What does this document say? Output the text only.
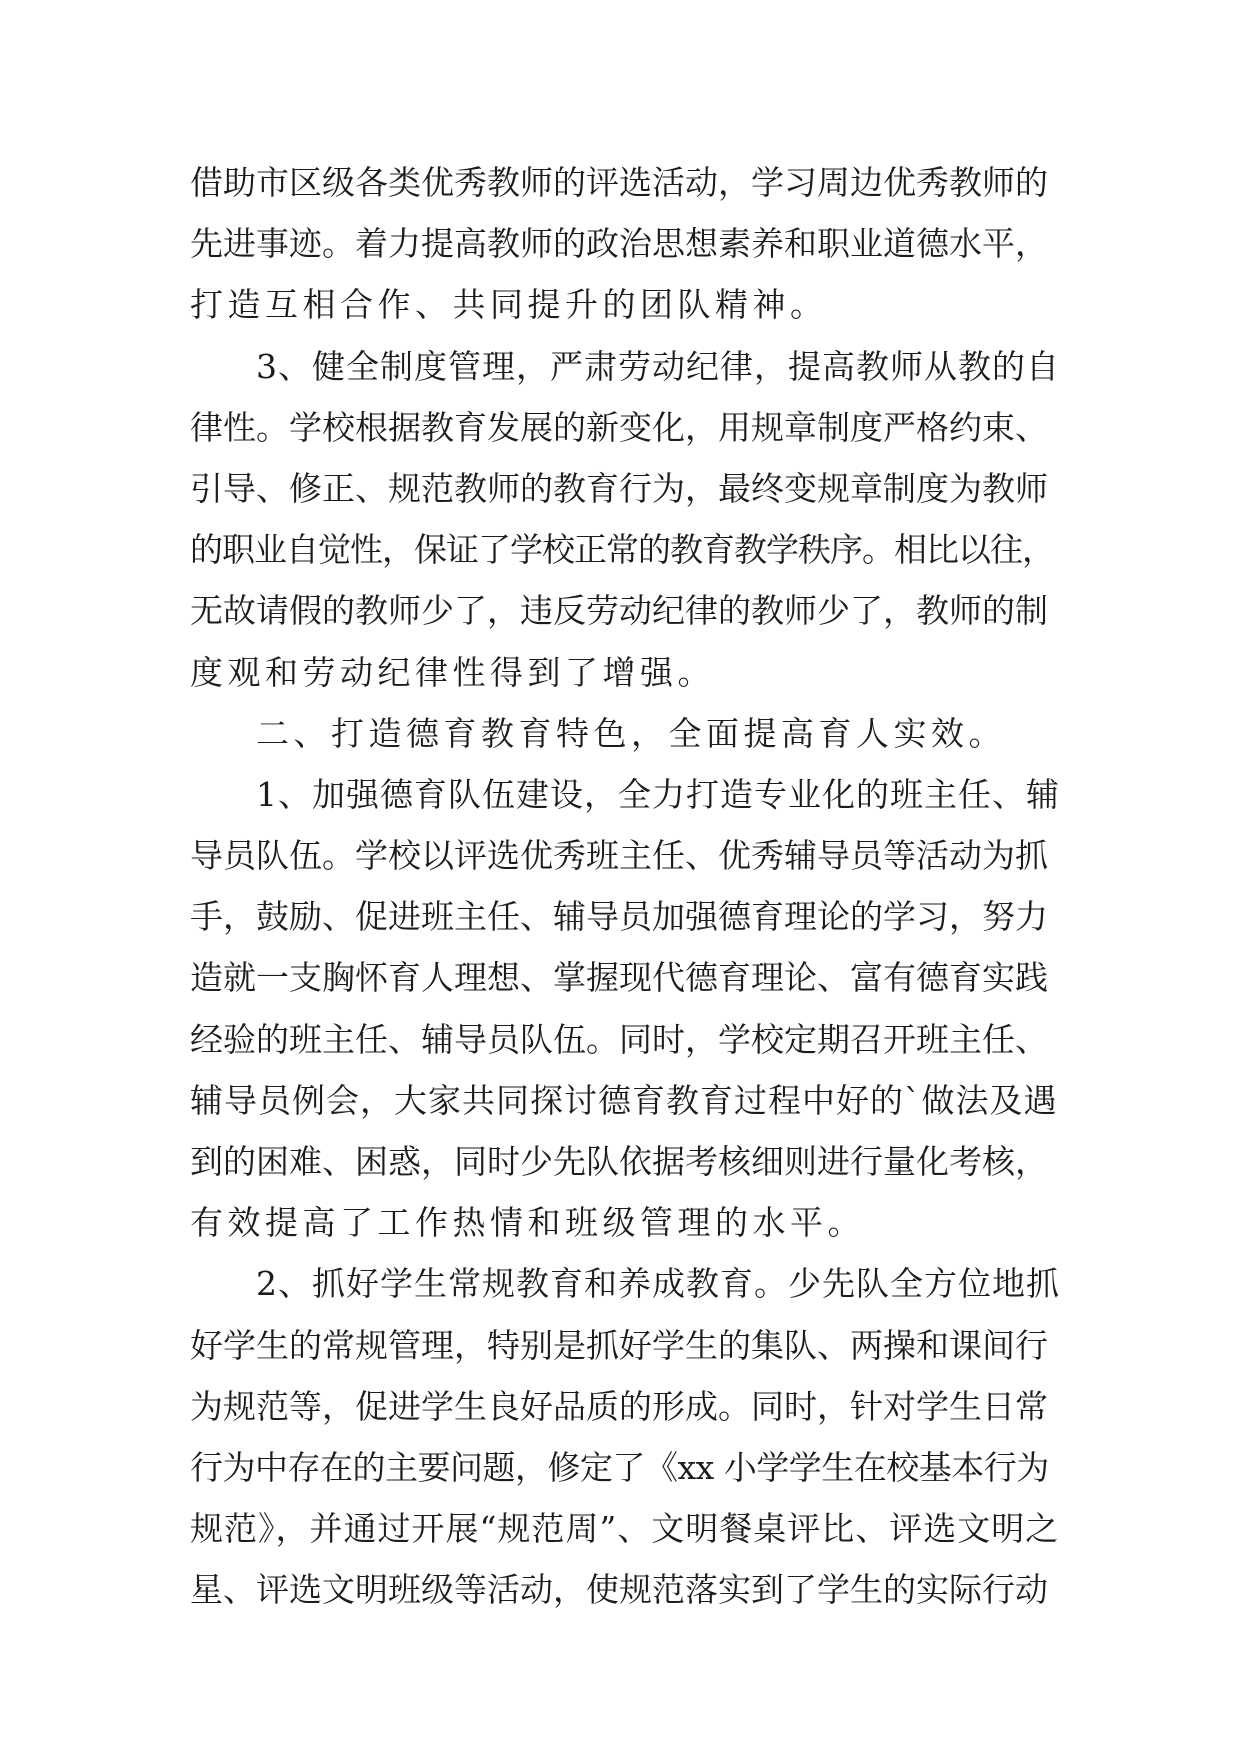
借助市区级各类优秀教师的评选活动，学习周边优秀教师的
先进事迹。着力提高教师的政治思想素养和职业道德水平，
打造互相合作、共同提升的团队精神。
3、健全制度管理，严肃劳动纪律，提高教师从教的自
律性。学校根据教育发展的新变化，用规章制度严格约束、
引导、修正、规范教师的教育行为，最终变规章制度为教师
的职业自觉性，保证了学校正常的教育教学秩序。相比以往，
无故请假的教师少了，违反劳动纪律的教师少了，教师的制
度观和劳动纪律性得到了增强。
二、打造德育教育特色，全面提高育人实效。
1、加强德育队伍建设，全力打造专业化的班主任、辅
导员队伍。学校以评选优秀班主任、优秀辅导员等活动为抓
手，鼓励、促进班主任、辅导员加强德育理论的学习，努力
造就一支胸怀育人理想、掌握现代德育理论、富有德育实践
经验的班主任、辅导员队伍。同时，学校定期召开班主任、
辅导员例会，大家共同探讨德育教育过程中好的`做法及遇
到的困难、困惑，同时少先队依据考核细则进行量化考核，
有效提高了工作热情和班级管理的水平。
2、抓好学生常规教育和养成教育。少先队全方位地抓
好学生的常规管理，特别是抓好学生的集队、两操和课间行
为规范等，促进学生良好品质的形成。同时，针对学生日常
行为中存在的主要问题，修定了《xx 小学学生在校基本行为
规范》，并通过开展“规范周”、文明餐桌评比、评选文明之
星、评选文明班级等活动，使规范落实到了学生的实际行动
